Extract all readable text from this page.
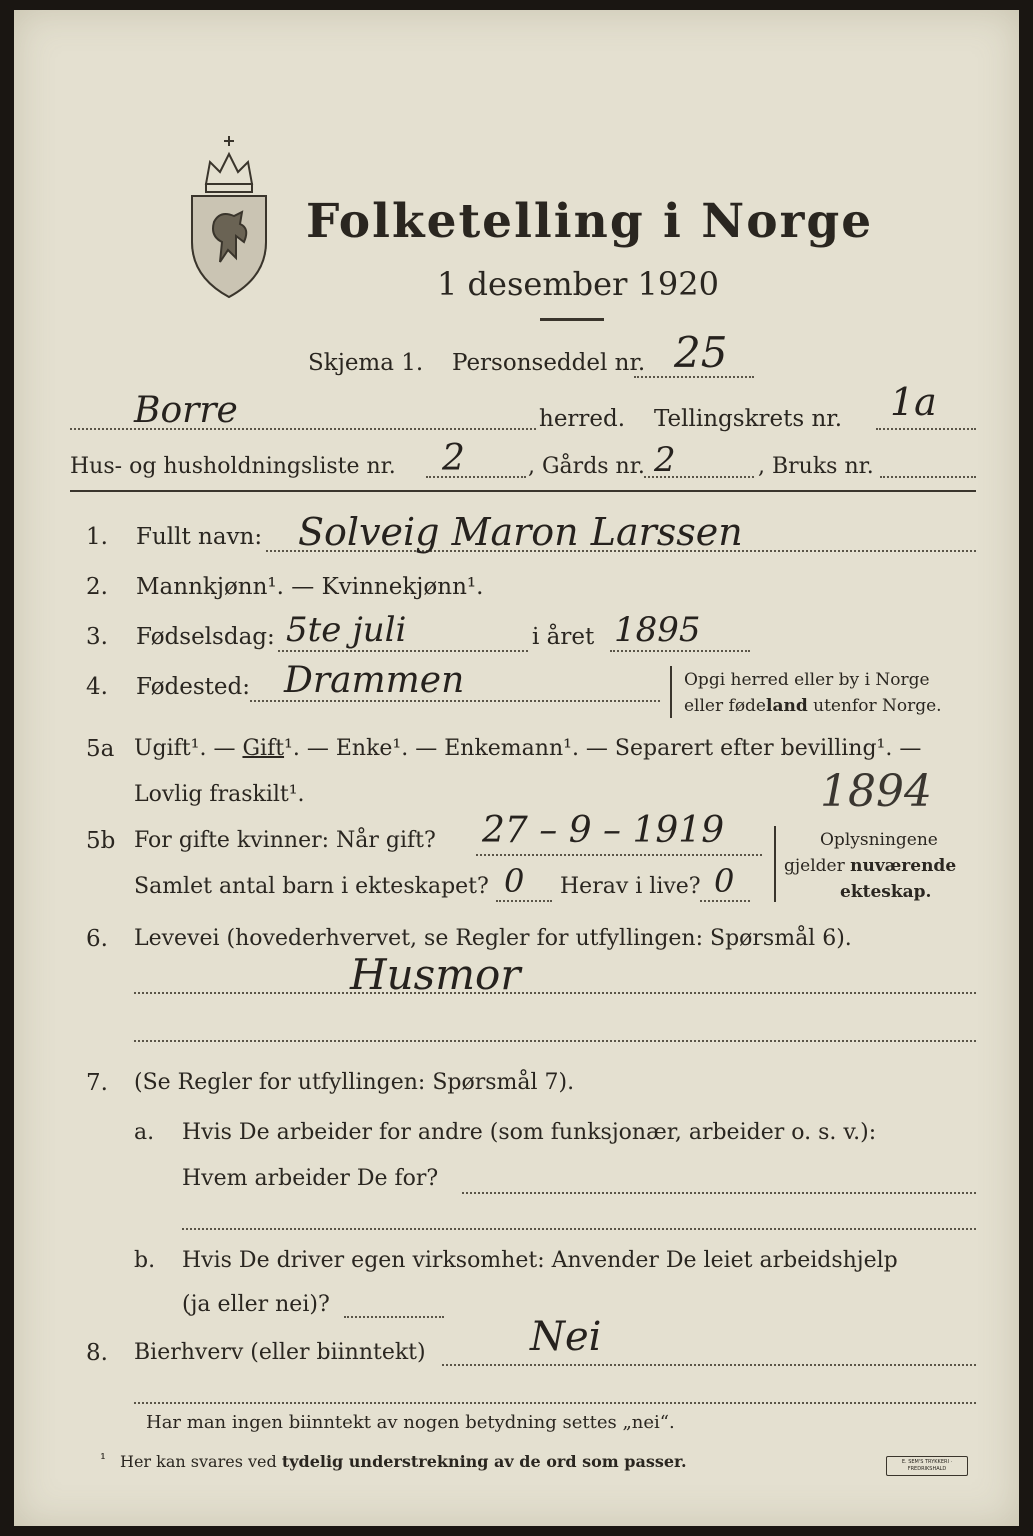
Folketelling i Norge
1 desember 1920
Skjema 1. Personseddel nr. 25
Borre	herred. Tellingskrets nr. 1a
Hus- og husholdningsliste nr. 2	, Gårds nr. 2	, Bruks nr.
1. Fullt navn: Solveig Maron Larssen
2. Mannkjønn¹. — Kvinnekjønn¹.
3. Fødselsdag: 5te juli	i året 1895
4. Fødested: Drammen	Opgi herred eller by i Norge
eller fødeland utenfor Norge.
5a Ugift¹. — Gift¹. — Enke¹. — Enkemann¹. — Separert efter bevilling¹. —
Lovlig fraskilt¹.	1894
5b For gifte kvinner: Når gift? 27 – 9 – 1919
Samlet antal barn i ekteskapet? 0 Herav i live? 0
Oplysningene
gjelder nuværende
ekteskap.
6. Levevei (hovederhvervet, se Regler for utfyllingen: Spørsmål 6).
Husmor
7. (Se Regler for utfyllingen: Spørsmål 7).
a. Hvis De arbeider for andre (som funksjonær, arbeider o. s. v.):
Hvem arbeider De for?
b. Hvis De driver egen virksomhet: Anvender De leiet arbeidshjelp
(ja eller nei)?
8. Bierhverv (eller biinntekt)	Nei
Har man ingen biinntekt av nogen betydning settes „nei“.
¹ Her kan svares ved tydelig understrekning av de ord som passer.	E. SEM'S TRYKKERI · FREDRIKSHALD
